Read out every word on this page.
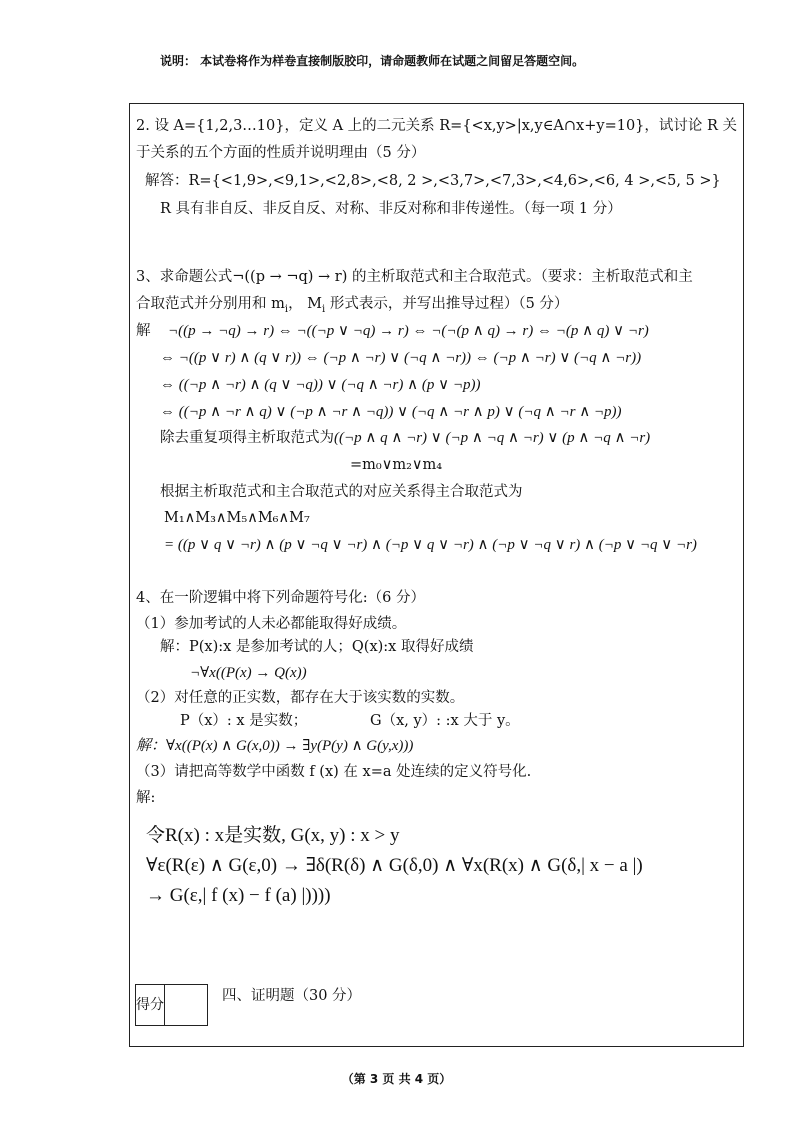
说明： 本试卷将作为样卷直接制版胶印，请命题教师在试题之间留足答题空间。
2. 设 A={1,2,3…10}，定义 A 上的二元关系 R={<x,y>|x,y∈A∩x+y=10}，试讨论 R 关
于关系的五个方面的性质并说明理由（5 分）
解答：R={<1,9>,<9,1>,<2,8>,<8, 2 >,<3,7>,<7,3>,<4,6>,<6, 4 >,<5, 5 >}
R 具有非自反、非反自反、对称、非反对称和非传递性。（每一项 1 分）
3、求命题公式¬((p → ¬q) → r) 的主析取范式和主合取范式。（要求：主析取范式和主
合取范式并分别用和 $m_i$， $M_i$ 形式表示，并写出推导过程）（5 分）
解 ¬((p → ¬q) → r) ⇔ ¬((¬p ∨ ¬q) → r) ⇔ ¬(¬(p ∧ q) → r) ⇔ ¬(p ∧ q) ∨ ¬r)
⇔ ¬((p ∨ r) ∧ (q ∨ r)) ⇔ (¬p ∧ ¬r) ∨ (¬q ∧ ¬r)) ⇔ (¬p ∧ ¬r) ∨ (¬q ∧ ¬r))
⇔ ((¬p ∧ ¬r) ∧ (q ∨ ¬q)) ∨ (¬q ∧ ¬r) ∧ (p ∨ ¬p))
⇔ ((¬p ∧ ¬r ∧ q) ∨ (¬p ∧ ¬r ∧ ¬q)) ∨ (¬q ∧ ¬r ∧ p) ∨ (¬q ∧ ¬r ∧ ¬p))
除去重复项得主析取范式为((¬p ∧ q ∧ ¬r) ∨ (¬p ∧ ¬q ∧ ¬r) ∨ (p ∧ ¬q ∧ ¬r)
=m₀∨m₂∨m₄
根据主析取范式和主合取范式的对应关系得主合取范式为
M₁∧M₃∧M₅∧M₆∧M₇
= ((p ∨ q ∨ ¬r) ∧ (p ∨ ¬q ∨ ¬r) ∧ (¬p ∨ q ∨ ¬r) ∧ (¬p ∨ ¬q ∨ r) ∧ (¬p ∨ ¬q ∨ ¬r)
4、在一阶逻辑中将下列命题符号化:（6 分）
（1）参加考试的人未必都能取得好成绩。
解：P(x):x 是参加考试的人；Q(x):x 取得好成绩
¬∀x((P(x) → Q(x))
（2）对任意的正实数，都存在大于该实数的实数。
P（x）: x 是实数；	G（x, y）: :x 大于 y。
解：∀x((P(x) ∧ G(x,0)) → ∃y(P(y) ∧ G(y,x)))
（3）请把高等数学中函数 f (x) 在 x=a 处连续的定义符号化.
解:
令R(x) : x是实数, G(x, y) : x > y
∀ε(R(ε) ∧ G(ε,0) → ∃δ(R(δ) ∧ G(δ,0) ∧ ∀x(R(x) ∧ G(δ,| x − a |)
→ G(ε,| f (x) − f (a) |))))
得分	
四、证明题（30 分）
（第 3 页 共 4 页）
